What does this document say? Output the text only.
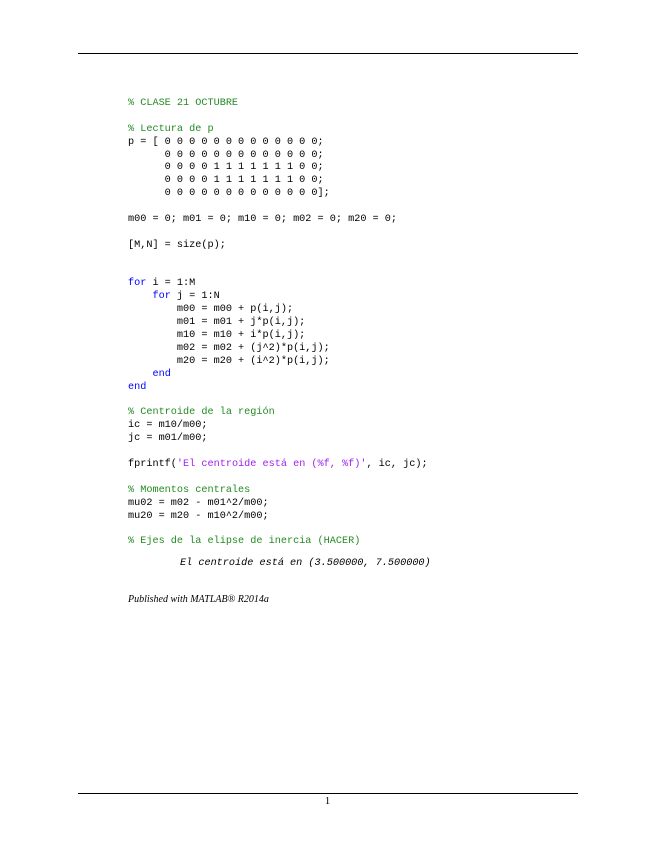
% CLASE 21 OCTUBRE
% Lectura de p
p = [ 0 0 0 0 0 0 0 0 0 0 0 0 0;
0 0 0 0 0 0 0 0 0 0 0 0 0;
0 0 0 0 1 1 1 1 1 1 1 0 0;
0 0 0 0 1 1 1 1 1 1 1 0 0;
0 0 0 0 0 0 0 0 0 0 0 0 0];
m00 = 0; m01 = 0; m10 = 0; m02 = 0; m20 = 0;
[M,N] = size(p);
for i = 1:M
for j = 1:N
m00 = m00 + p(i,j);
m01 = m01 + j*p(i,j);
m10 = m10 + i*p(i,j);
m02 = m02 + (j^2)*p(i,j);
m20 = m20 + (i^2)*p(i,j);
end
end
% Centroide de la región
ic = m10/m00;
jc = m01/m00;
fprintf('El centroide está en (%f, %f)', ic, jc);
% Momentos centrales
mu02 = m02 - m01^2/m00;
mu20 = m20 - m10^2/m00;
% Ejes de la elipse de inercia (HACER)
El centroide está en (3.500000, 7.500000)
Published with MATLAB® R2014a
1
